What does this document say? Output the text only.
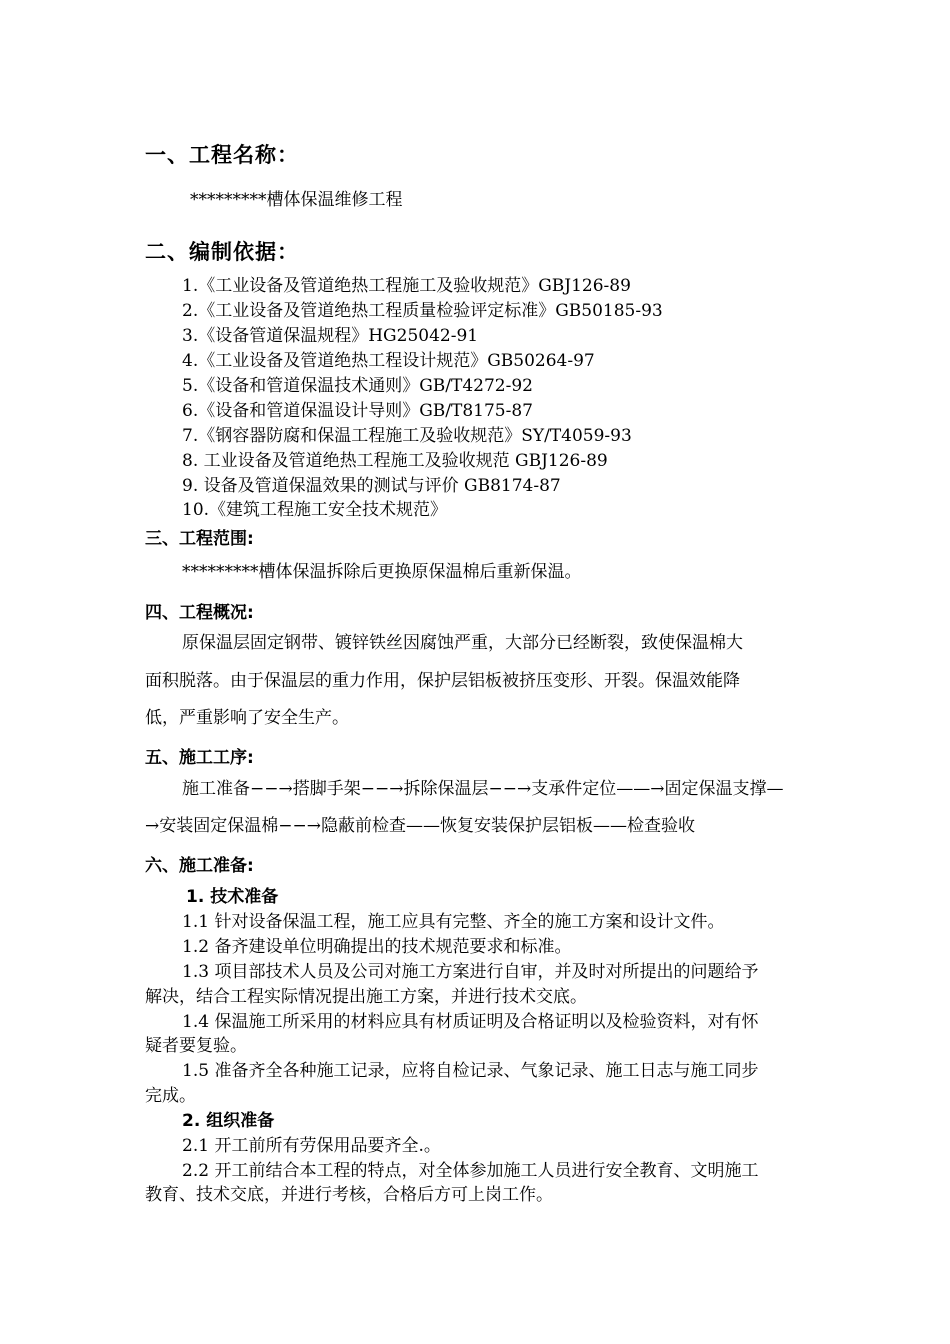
一、工程名称：
*********槽体保温维修工程
二、编制依据：
1.《工业设备及管道绝热工程施工及验收规范》GBJ126-89
2.《工业设备及管道绝热工程质量检验评定标准》GB50185-93
3.《设备管道保温规程》HG25042-91
4.《工业设备及管道绝热工程设计规范》GB50264-97
5.《设备和管道保温技术通则》GB/T4272-92
6.《设备和管道保温设计导则》GB/T8175-87
7.《钢容器防腐和保温工程施工及验收规范》SY/T4059-93
8. 工业设备及管道绝热工程施工及验收规范 GBJ126-89
9. 设备及管道保温效果的测试与评价 GB8174-87
10.《建筑工程施工安全技术规范》
三、工程范围:
*********槽体保温拆除后更换原保温棉后重新保温。
四、工程概况:
原保温层固定钢带、镀锌铁丝因腐蚀严重，大部分已经断裂，致使保温棉大
面积脱落。由于保温层的重力作用，保护层铝板被挤压变形、开裂。保温效能降
低，严重影响了安全生产。
五、施工工序:
施工准备−−→搭脚手架−−→拆除保温层−−→支承件定位——→固定保温支撑—
→安装固定保温棉−−→隐蔽前检查——恢复安装保护层铝板——检查验收
六、施工准备:
1. 技术准备
1.1 针对设备保温工程，施工应具有完整、齐全的施工方案和设计文件。
1.2 备齐建设单位明确提出的技术规范要求和标准。
1.3 项目部技术人员及公司对施工方案进行自审，并及时对所提出的问题给予
解决，结合工程实际情况提出施工方案，并进行技术交底。
1.4 保温施工所采用的材料应具有材质证明及合格证明以及检验资料，对有怀
疑者要复验。
1.5 准备齐全各种施工记录，应将自检记录、气象记录、施工日志与施工同步
完成。
2. 组织准备
2.1 开工前所有劳保用品要齐全.。
2.2 开工前结合本工程的特点，对全体参加施工人员进行安全教育、文明施工
教育、技术交底，并进行考核，合格后方可上岗工作。
